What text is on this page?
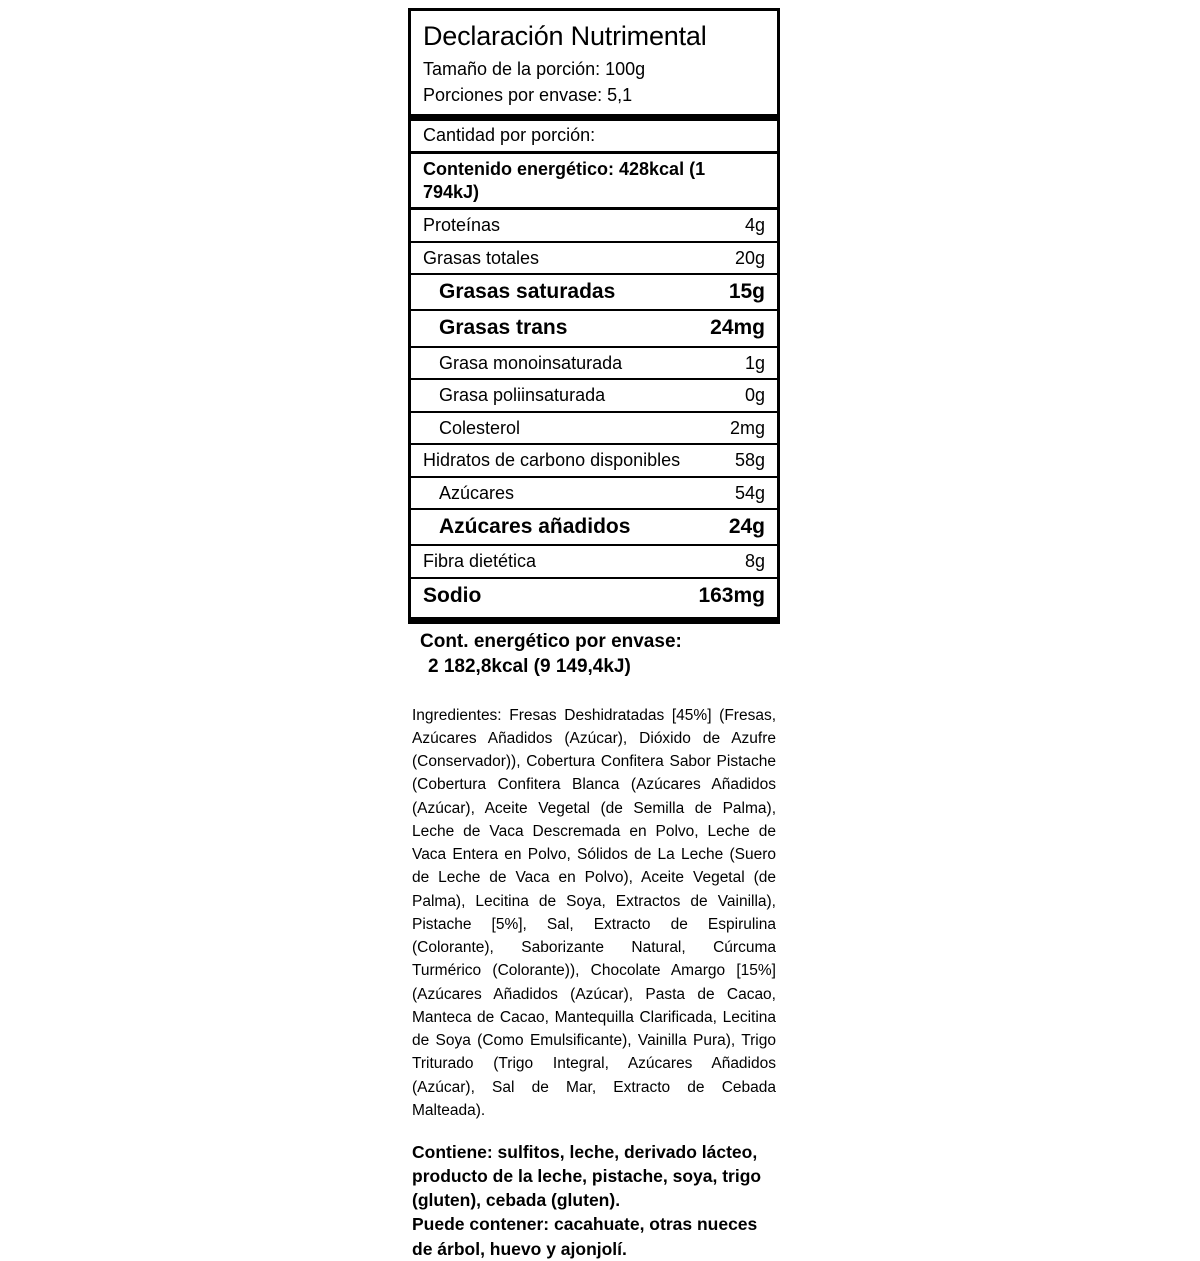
Declaración Nutrimental
Tamaño de la porción: 100g
Porciones por envase: 5,1
Cantidad por porción:
Contenido energético: 428kcal (1 794kJ)
Proteínas	4g
Grasas totales	20g
Grasas saturadas	15g
Grasas trans	24mg
Grasa monoinsaturada	1g
Grasa poliinsaturada	0g
Colesterol	2mg
Hidratos de carbono disponibles	58g
Azúcares	54g
Azúcares añadidos	24g
Fibra dietética	8g
Sodio	163mg
Cont. energético por envase:
2 182,8kcal (9 149,4kJ)
Ingredientes: Fresas Deshidratadas [45%] (Fresas, Azúcares Añadidos (Azúcar), Dióxido de Azufre (Conservador)), Cobertura Confitera Sabor Pistache (Cobertura Confitera Blanca (Azúcares Añadidos (Azúcar), Aceite Vegetal (de Semilla de Palma), Leche de Vaca Descremada en Polvo, Leche de Vaca Entera en Polvo, Sólidos de La Leche (Suero de Leche de Vaca en Polvo), Aceite Vegetal (de Palma), Lecitina de Soya, Extractos de Vainilla), Pistache [5%], Sal, Extracto de Espirulina (Colorante), Saborizante Natural, Cúrcuma Turmérico (Colorante)), Chocolate Amargo [15%] (Azúcares Añadidos (Azúcar), Pasta de Cacao, Manteca de Cacao, Mantequilla Clarificada, Lecitina de Soya (Como Emulsificante), Vainilla Pura), Trigo Triturado (Trigo Integral, Azúcares Añadidos (Azúcar), Sal de Mar, Extracto de Cebada Malteada).
Contiene: sulfitos, leche, derivado lácteo, producto de la leche, pistache, soya, trigo (gluten), cebada (gluten).
Puede contener: cacahuate, otras nueces de árbol, huevo y ajonjolí.
